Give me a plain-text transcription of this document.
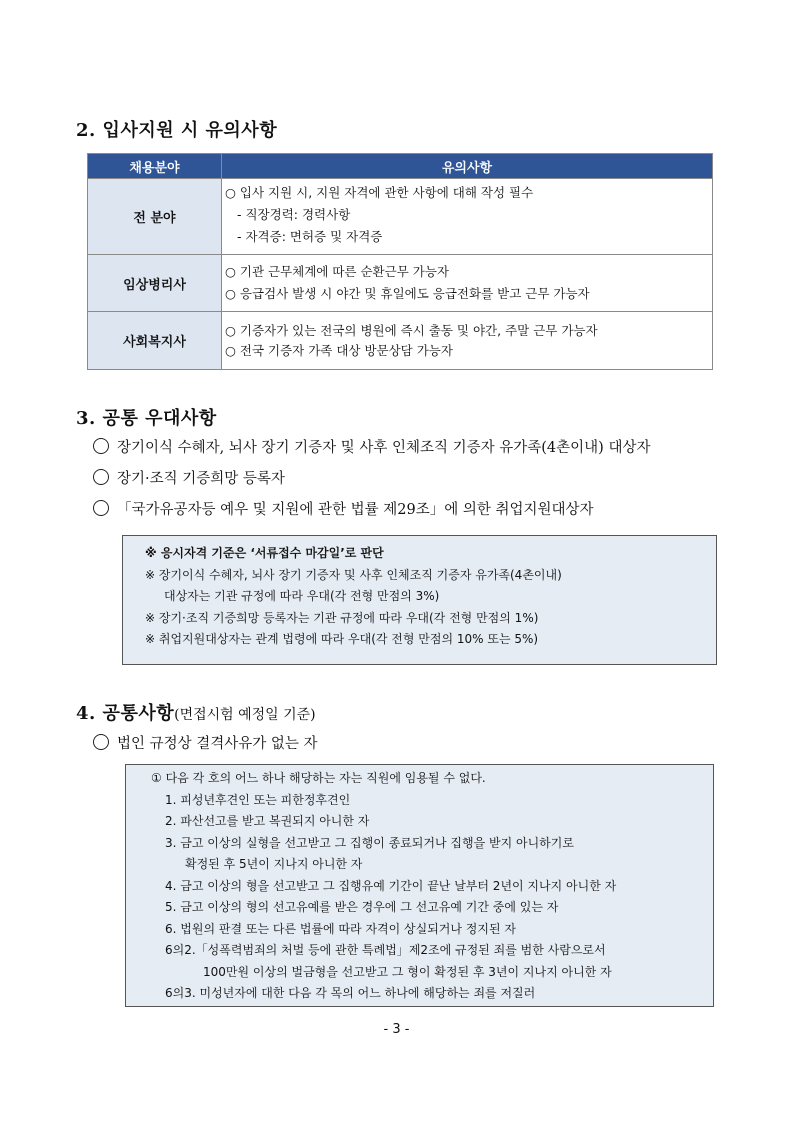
2. 입사지원 시 유의사항
채용분야	유의사항
전 분야	○ 입사 지원 시, 지원 자격에 관한 사항에 대해 작성 필수
- 직장경력: 경력사항
- 자격증: 면허증 및 자격증

임상병리사	○ 기관 근무체계에 따른 순환근무 가능자
○ 응급검사 발생 시 야간 및 휴일에도 응급전화를 받고 근무 가능자

사회복지사	○ 기증자가 있는 전국의 병원에 즉시 출동 및 야간, 주말 근무 가능자
○ 전국 기증자 가족 대상 방문상담 가능자
3. 공통 우대사항
장기이식 수혜자, 뇌사 장기 기증자 및 사후 인체조직 기증자 유가족(4촌이내) 대상자
장기·조직 기증희망 등록자
「국가유공자등 예우 및 지원에 관한 법률 제29조」에 의한 취업지원대상자
※ 응시자격 기준은 ‘서류접수 마감일’로 판단
※ 장기이식 수혜자, 뇌사 장기 기증자 및 사후 인체조직 기증자 유가족(4촌이내)
대상자는 기관 규정에 따라 우대(각 전형 만점의 3%)
※ 장기·조직 기증희망 등록자는 기관 규정에 따라 우대(각 전형 만점의 1%)
※ 취업지원대상자는 관계 법령에 따라 우대(각 전형 만점의 10% 또는 5%)
4. 공통사항(면접시험 예정일 기준)
법인 규정상 결격사유가 없는 자
① 다음 각 호의 어느 하나 해당하는 자는 직원에 임용될 수 없다.
1. 피성년후견인 또는 피한정후견인
2. 파산선고를 받고 복권되지 아니한 자
3. 금고 이상의 실형을 선고받고 그 집행이 종료되거나 집행을 받지 아니하기로
확정된 후 5년이 지나지 아니한 자
4. 금고 이상의 형을 선고받고 그 집행유예 기간이 끝난 날부터 2년이 지나지 아니한 자
5. 금고 이상의 형의 선고유예를 받은 경우에 그 선고유예 기간 중에 있는 자
6. 법원의 판결 또는 다른 법률에 따라 자격이 상실되거나 정지된 자
6의2.「성폭력범죄의 처벌 등에 관한 특례법」제2조에 규정된 죄를 범한 사람으로서
100만원 이상의 벌금형을 선고받고 그 형이 확정된 후 3년이 지나지 아니한 자
6의3. 미성년자에 대한 다음 각 목의 어느 하나에 해당하는 죄를 저질러
- 3 -
